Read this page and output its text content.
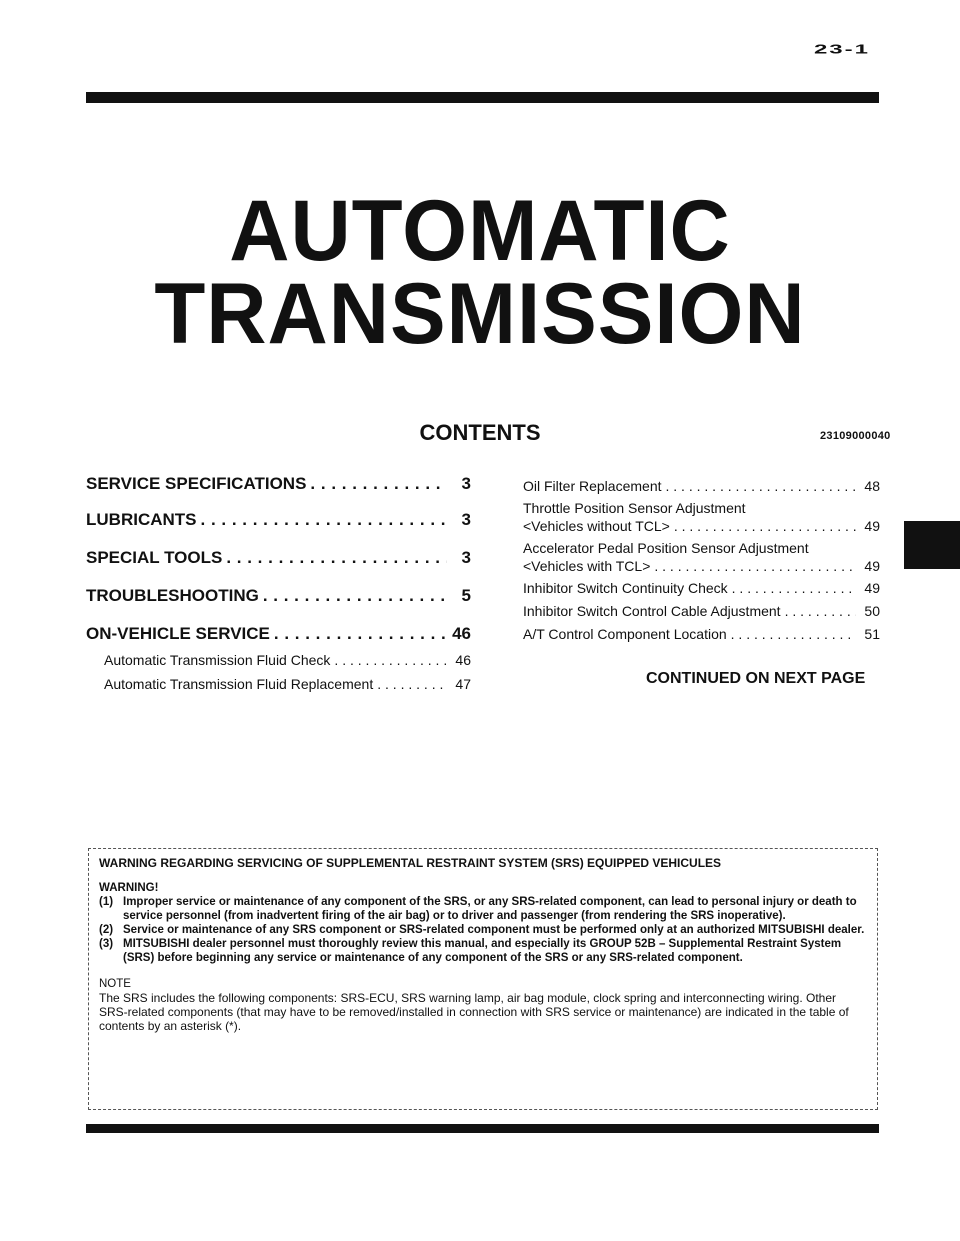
23-1
AUTOMATIC
TRANSMISSION
CONTENTS	23109000040
SERVICE SPECIFICATIONS . . .	3
LUBRICANTS . . .	3
SPECIAL TOOLS . . .	3
TROUBLESHOOTING . . .	5
ON-VEHICLE SERVICE . . .	46
Automatic Transmission Fluid Check . . .	46
Automatic Transmission Fluid Replacement . . .	47
Oil Filter Replacement . . .	48
Throttle Position Sensor Adjustment
<Vehicles without TCL> . . .	49
Accelerator Pedal Position Sensor Adjustment
<Vehicles with TCL> . . .	49
Inhibitor Switch Continuity Check . . .	49
Inhibitor Switch Control Cable Adjustment . . .	50
A/T Control Component Location . . .	51
CONTINUED ON NEXT PAGE
WARNING REGARDING SERVICING OF SUPPLEMENTAL RESTRAINT SYSTEM (SRS) EQUIPPED VEHICULES
WARNING!
(1) Improper service or maintenance of any component of the SRS, or any SRS-related component, can lead to personal injury or death to service personnel (from inadvertent firing of the air bag) or to driver and passenger (from rendering the SRS inoperative).
(2) Service or maintenance of any SRS component or SRS-related component must be performed only at an authorized MITSUBISHI dealer.
(3) MITSUBISHI dealer personnel must thoroughly review this manual, and especially its GROUP 52B – Supplemental Restraint System (SRS) before beginning any service or maintenance of any component of the SRS or any SRS-related component.
NOTE
The SRS includes the following components: SRS-ECU, SRS warning lamp, air bag module, clock spring and interconnecting wiring. Other SRS-related components (that may have to be removed/installed in connection with SRS service or maintenance) are indicated in the table of contents by an asterisk (*).
